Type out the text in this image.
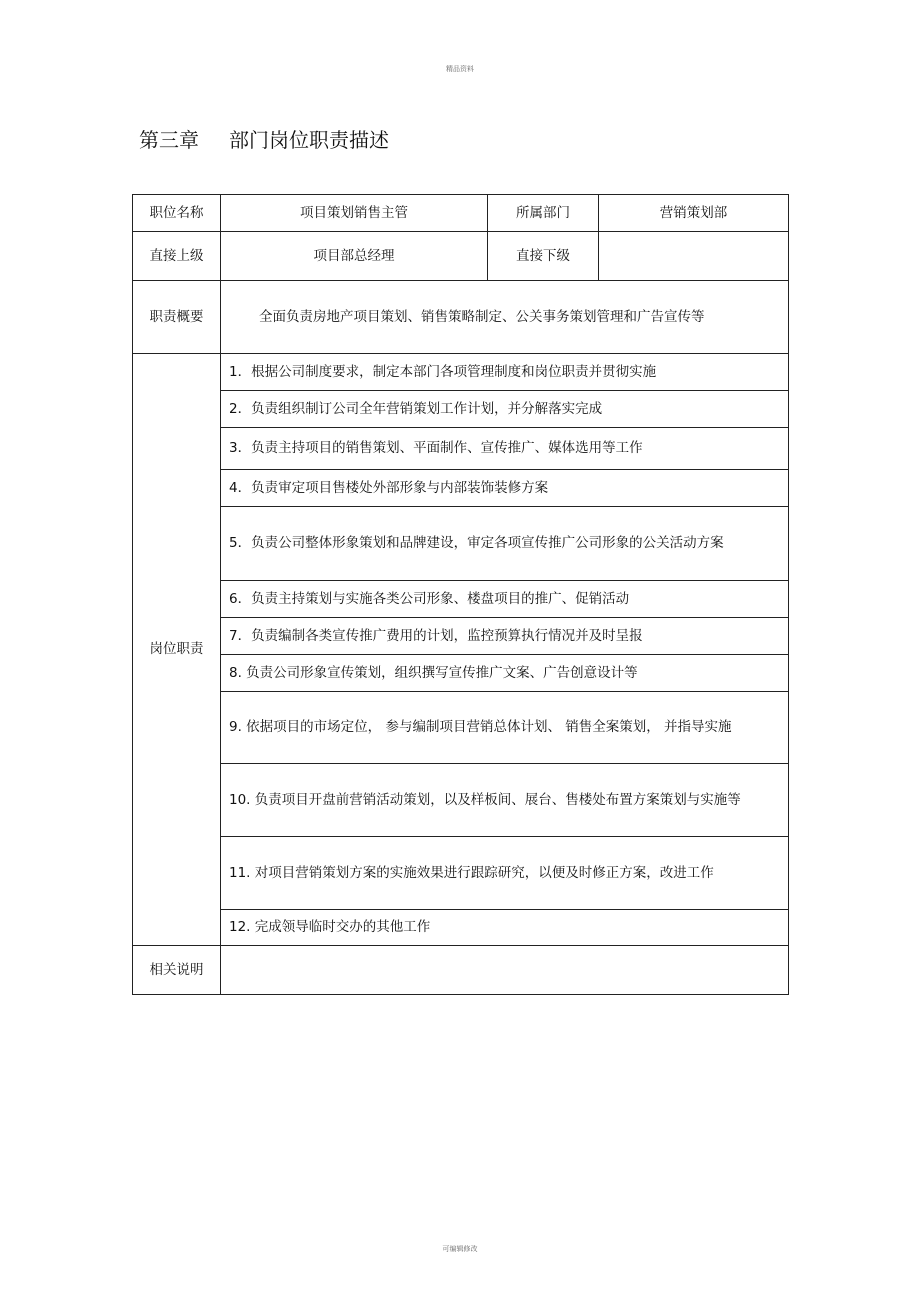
精品资料
第三章 部门岗位职责描述
职位名称	项目策划销售主管	所属部门	营销策划部
直接上级	项目部总经理	直接下级	
职责概要	全面负责房地产项目策划、销售策略制定、公关事务策划管理和广告宣传等		

岗位职责	1．根据公司制度要求，制定本部门各项管理制度和岗位职责并贯彻实施		
	2．负责组织制订公司全年营销策划工作计划，并分解落实完成		
	3．负责主持项目的销售策划、平面制作、宣传推广、媒体选用等工作		
	4．负责审定项目售楼处外部形象与内部装饰装修方案		
	5．负责公司整体形象策划和品牌建设，审定各项宣传推广公司形象的公关活动方案		
	6．负责主持策划与实施各类公司形象、楼盘项目的推广、促销活动		
	7．负责编制各类宣传推广费用的计划，监控预算执行情况并及时呈报		
	8. 负责公司形象宣传策划，组织撰写宣传推广文案、广告创意设计等		
	9. 依据项目的市场定位， 参与编制项目营销总体计划、 销售全案策划， 并指导实施		
	10. 负责项目开盘前营销活动策划，以及样板间、展台、售楼处布置方案策划与实施等		
	11. 对项目营销策划方案的实施效果进行跟踪研究，以便及时修正方案，改进工作		
	12. 完成领导临时交办的其他工作		
相关说明			
可编辑修改
